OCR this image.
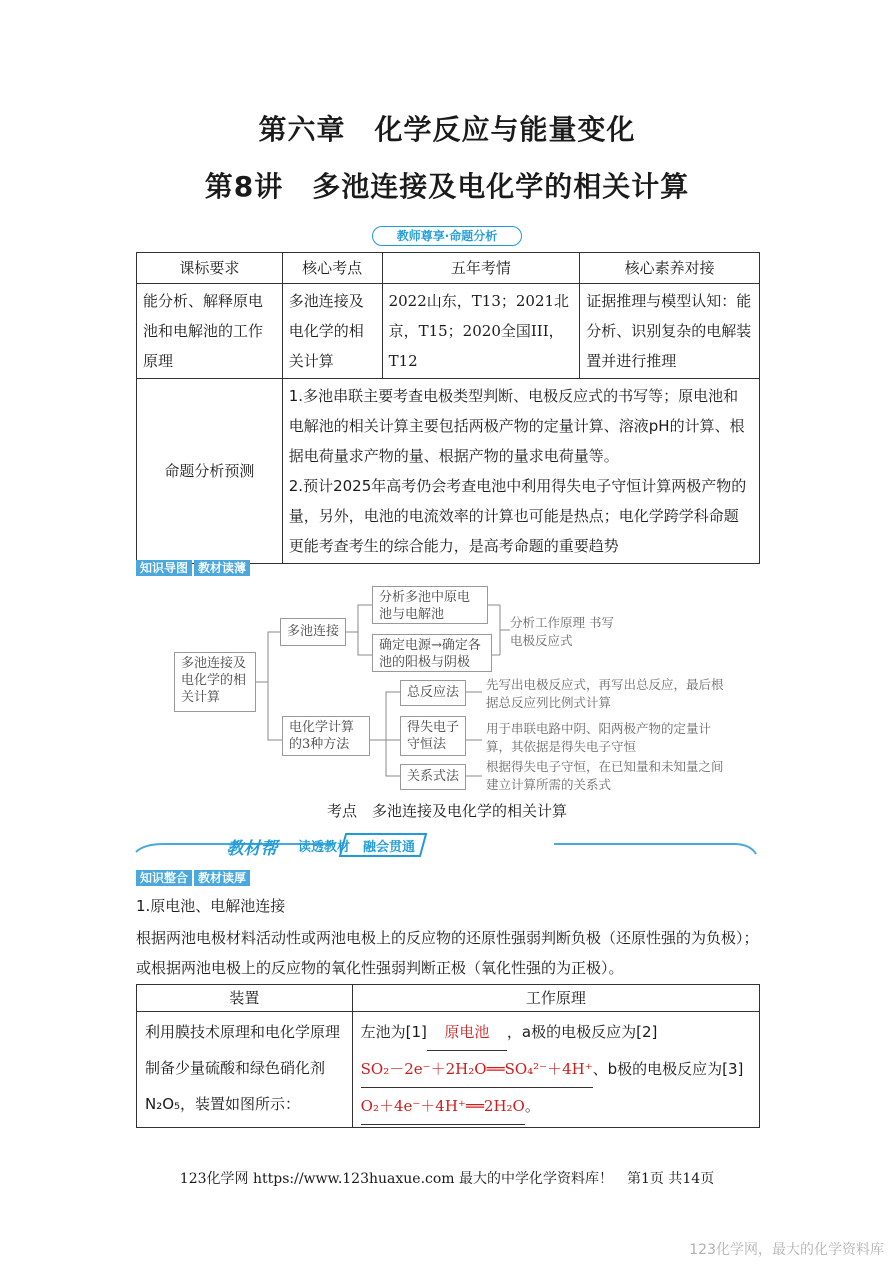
第六章　化学反应与能量变化
第8讲　多池连接及电化学的相关计算
教师尊享·命题分析
课标要求	核心考点	五年考情	核心素养对接
能分析、解释原电池和电解池的工作原理	多池连接及电化学的相关计算	2022山东，T13；2021北京，T15；2020全国III，T12	证据推理与模型认知：能分析、识别复杂的电解装置并进行推理
命题分析预测	1.多池串联主要考查电极类型判断、电极反应式的书写等；原电池和电解池的相关计算主要包括两极产物的定量计算、溶液pH的计算、根据电荷量求产物的量、根据产物的量求电荷量等。
2.预计2025年高考仍会考查电池中利用得失电子守恒计算两极产物的量，另外，电池的电流效率的计算也可能是热点；电化学跨学科命题更能考查考生的综合能力，是高考命题的重要趋势		
知识导图 教材读薄
多池连接及电化学的相关计算
多池连接
分析多池中原电池与电解池
确定电源→确定各池的阳极与阴极
分析工作原理 书写电极反应式
电化学计算的3种方法
总反应法
得失电子守恒法
关系式法
先写出电极反应式，再写出总反应，最后根据总反应列比例式计算
用于串联电路中阴、阳两极产物的定量计算，其依据是得失电子守恒
根据得失电子守恒，在已知量和未知量之间建立计算所需的关系式
考点　多池连接及电化学的相关计算
教材帮	读透教材　融会贯通
知识整合 教材读厚
1.原电池、电解池连接
根据两池电极材料活动性或两池电极上的反应物的还原性强弱判断负极（还原性强的为负极）；或根据两池电极上的反应物的氧化性强弱判断正极（氧化性强的为正极）。
装置	工作原理
利用膜技术原理和电化学原理制备少量硫酸和绿色硝化剂N₂O₅，装置如图所示：	左池为[1] 原电池 ，a极的电极反应为[2]SO₂－2e⁻＋2H₂O══SO₄²⁻＋4H⁺、b极的电极反应为[3]O₂＋4e⁻＋4H⁺══2H₂O。
123化学网 https://www.123huaxue.com 最大的中学化学资料库！　第1页 共14页
123化学网，最大的化学资料库
